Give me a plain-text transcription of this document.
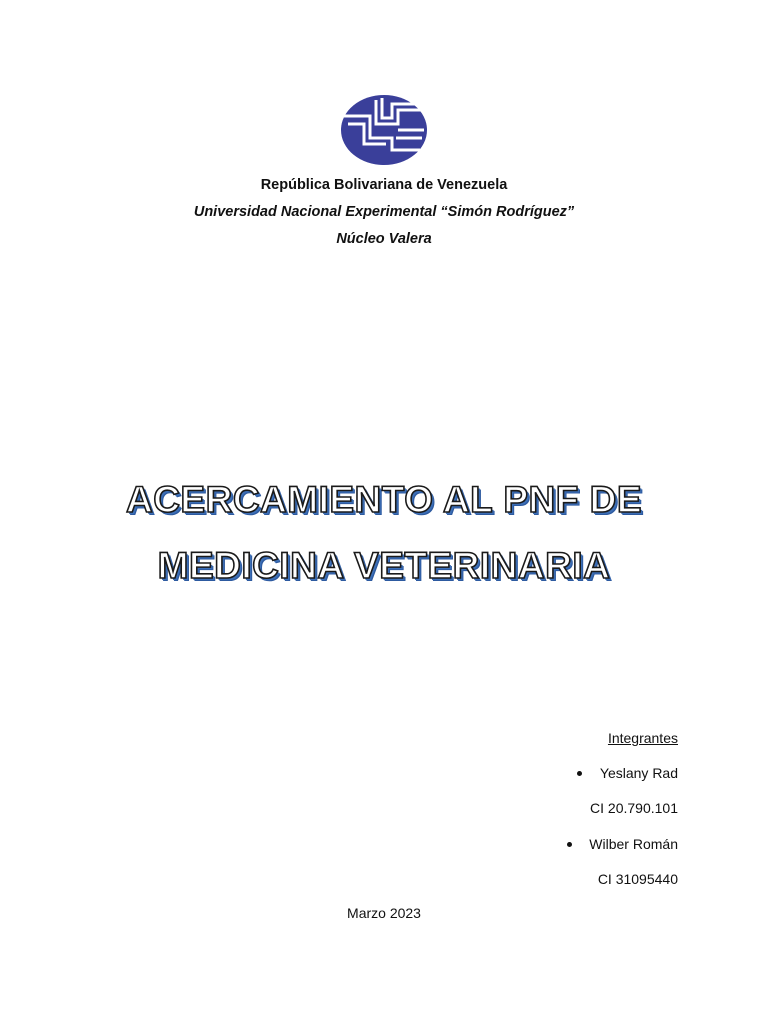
República Bolivariana de Venezuela
Universidad Nacional Experimental “Simón Rodríguez”
Núcleo Valera
ACERCAMIENTO AL PNF DE
MEDICINA VETERINARIA
Integrantes
Yeslany Rad
CI 20.790.101
Wilber Román
CI 31095440
Marzo 2023
